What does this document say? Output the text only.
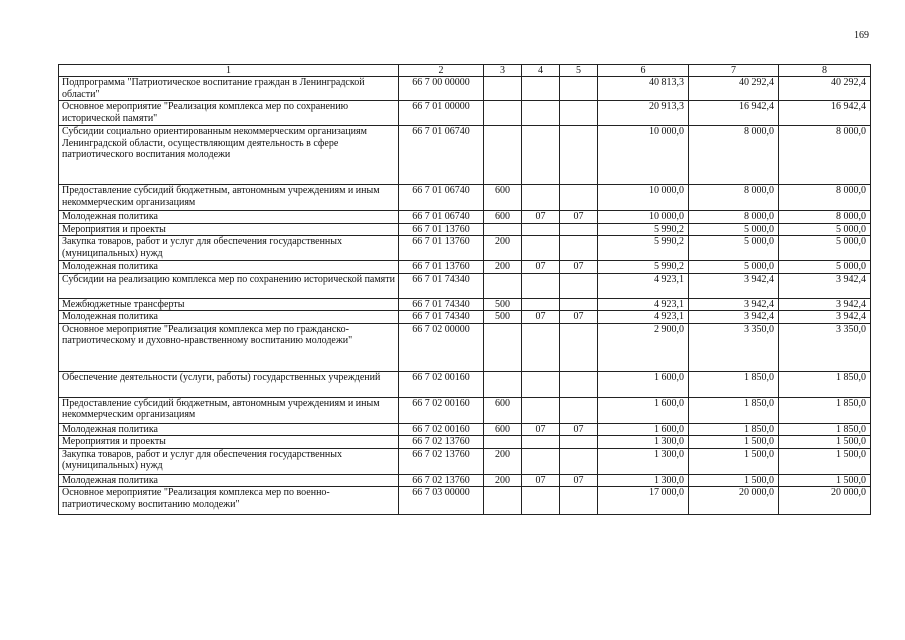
169
1	2	3	4	5	6	7	8
Подпрограмма "Патриотическое воспитание граждан в Ленинградской области"	66 7 00 00000				40 813,3	40 292,4	40 292,4
Основное мероприятие "Реализация комплекса мер по сохранению исторической памяти"	66 7 01 00000				20 913,3	16 942,4	16 942,4
Субсидии социально ориентированным некоммерческим организациям Ленинградской области, осуществляющим деятельность в сфере патриотического воспитания молодежи	66 7 01 06740				10 000,0	8 000,0	8 000,0
Предоставление субсидий бюджетным, автономным учреждениям и иным некоммерческим организациям	66 7 01 06740	600			10 000,0	8 000,0	8 000,0
Молодежная политика	66 7 01 06740	600	07	07	10 000,0	8 000,0	8 000,0
Мероприятия и проекты	66 7 01 13760				5 990,2	5 000,0	5 000,0
Закупка товаров, работ и услуг для обеспечения государственных (муниципальных) нужд	66 7 01 13760	200			5 990,2	5 000,0	5 000,0
Молодежная политика	66 7 01 13760	200	07	07	5 990,2	5 000,0	5 000,0
Субсидии на реализацию комплекса мер по сохранению исторической памяти	66 7 01 74340				4 923,1	3 942,4	3 942,4
Межбюджетные трансферты	66 7 01 74340	500			4 923,1	3 942,4	3 942,4
Молодежная политика	66 7 01 74340	500	07	07	4 923,1	3 942,4	3 942,4
Основное мероприятие "Реализация комплекса мер по гражданско-патриотическому и духовно-нравственному воспитанию молодежи"	66 7 02 00000				2 900,0	3 350,0	3 350,0
Обеспечение деятельности (услуги, работы) государственных учреждений	66 7 02 00160				1 600,0	1 850,0	1 850,0
Предоставление субсидий бюджетным, автономным учреждениям и иным некоммерческим организациям	66 7 02 00160	600			1 600,0	1 850,0	1 850,0
Молодежная политика	66 7 02 00160	600	07	07	1 600,0	1 850,0	1 850,0
Мероприятия и проекты	66 7 02 13760				1 300,0	1 500,0	1 500,0
Закупка товаров, работ и услуг для обеспечения государственных (муниципальных) нужд	66 7 02 13760	200			1 300,0	1 500,0	1 500,0
Молодежная политика	66 7 02 13760	200	07	07	1 300,0	1 500,0	1 500,0
Основное мероприятие "Реализация комплекса мер по военно-патриотическому воспитанию молодежи"	66 7 03 00000				17 000,0	20 000,0	20 000,0
